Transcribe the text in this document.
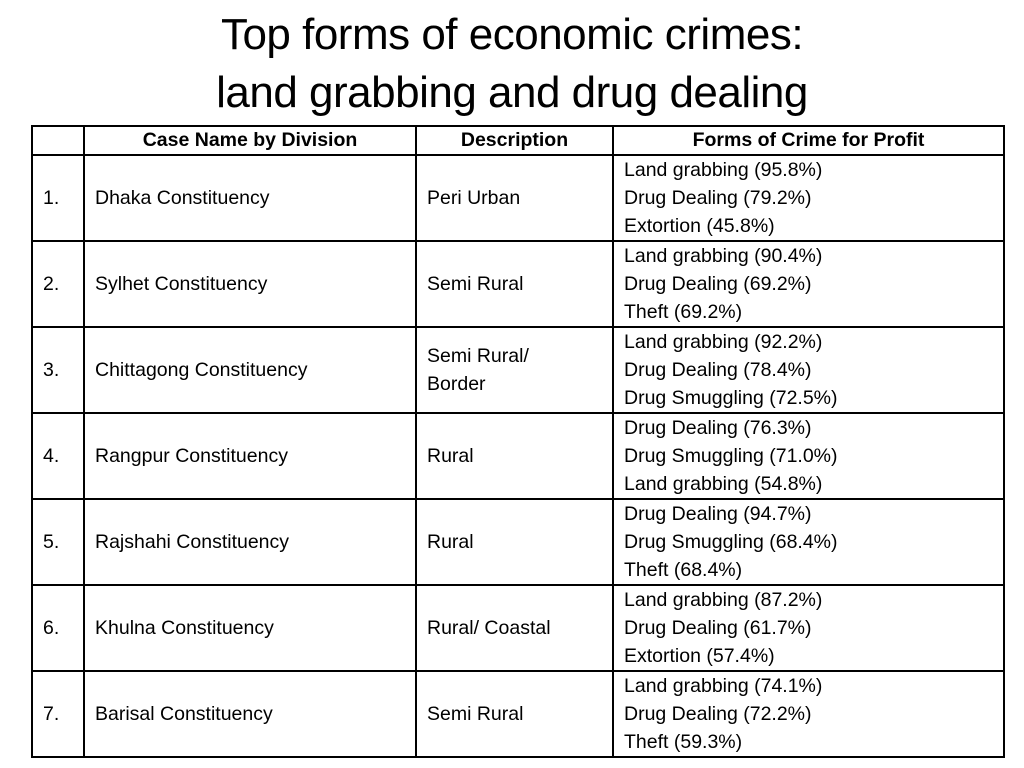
Top forms of economic crimes:
land grabbing and drug dealing
	Case Name by Division	Description	Forms of Crime for Profit
1.	Dhaka Constituency	Peri Urban	Land grabbing (95.8%)
Drug Dealing (79.2%)
Extortion (45.8%)

2.	Sylhet Constituency	Semi Rural	Land grabbing (90.4%)
Drug Dealing (69.2%)
Theft (69.2%)

3.	Chittagong Constituency	Semi Rural/ Border	Land grabbing (92.2%)
Drug Dealing (78.4%)
Drug Smuggling (72.5%)

4.	Rangpur Constituency	Rural	Drug Dealing (76.3%)
Drug Smuggling (71.0%)
Land grabbing (54.8%)

5.	Rajshahi Constituency	Rural	Drug Dealing (94.7%)
Drug Smuggling (68.4%)
Theft (68.4%)

6.	Khulna Constituency	Rural/ Coastal	Land grabbing (87.2%)
Drug Dealing (61.7%)
Extortion (57.4%)

7.	Barisal Constituency	Semi Rural	Land grabbing (74.1%)
Drug Dealing (72.2%)
Theft (59.3%)
